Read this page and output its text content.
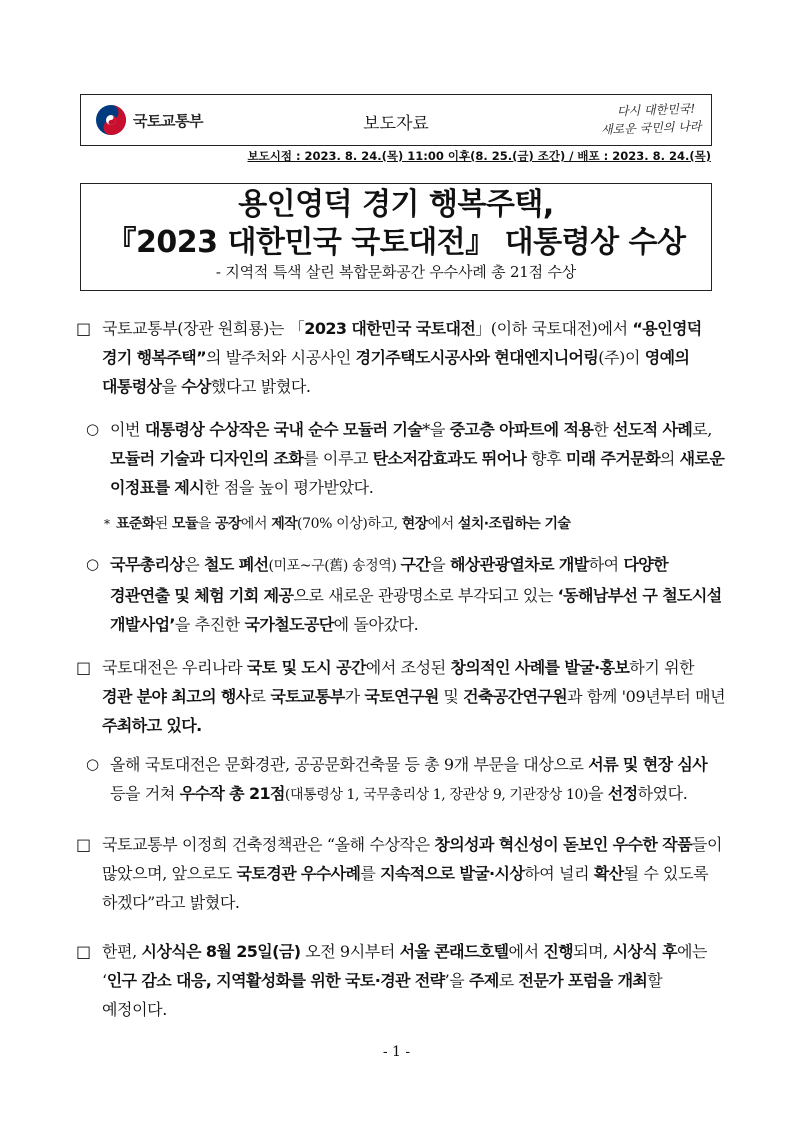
국토교통부	보도자료
다시 대한민국!
새로운 국민의 나라
보도시점 : 2023. 8. 24.(목) 11:00 이후(8. 25.(금) 조간) / 배포 : 2023. 8. 24.(목)
용인영덕 경기 행복주택,
『2023 대한민국 국토대전』 대통령상 수상
- 지역적 특색 살린 복합문화공간 우수사례 총 21점 수상
□ 국토교통부(장관 원희룡)는 「2023 대한민국 국토대전」(이하 국토대전)에서 “용인영덕 경기 행복주택”의 발주처와 시공사인 경기주택도시공사와 현대엔지니어링(주)이 영예의 대통령상을 수상했다고 밝혔다.
○ 이번 대통령상 수상작은 국내 순수 모듈러 기술*을 중고층 아파트에 적용한 선도적 사례로, 모듈러 기술과 디자인의 조화를 이루고 탄소저감효과도 뛰어나 향후 미래 주거문화의 새로운 이정표를 제시한 점을 높이 평가받았다.
* 표준화된 모듈을 공장에서 제작(70% 이상)하고, 현장에서 설치·조립하는 기술
○ 국무총리상은 철도 폐선(미포~구(舊) 송정역) 구간을 해상관광열차로 개발하여 다양한 경관연출 및 체험 기회 제공으로 새로운 관광명소로 부각되고 있는 ‘동해남부선 구 철도시설 개발사업’을 추진한 국가철도공단에 돌아갔다.
□ 국토대전은 우리나라 국토 및 도시 공간에서 조성된 창의적인 사례를 발굴·홍보하기 위한 경관 분야 최고의 행사로 국토교통부가 국토연구원 및 건축공간연구원과 함께 '09년부터 매년 주최하고 있다.
○ 올해 국토대전은 문화경관, 공공문화건축물 등 총 9개 부문을 대상으로 서류 및 현장 심사 등을 거쳐 우수작 총 21점(대통령상 1, 국무총리상 1, 장관상 9, 기관장상 10)을 선정하였다.
□ 국토교통부 이정희 건축정책관은 “올해 수상작은 창의성과 혁신성이 돋보인 우수한 작품들이 많았으며, 앞으로도 국토경관 우수사례를 지속적으로 발굴·시상하여 널리 확산될 수 있도록 하겠다”라고 밝혔다.
□ 한편, 시상식은 8월 25일(금) 오전 9시부터 서울 콘래드호텔에서 진행되며, 시상식 후에는 ‘인구 감소 대응, 지역활성화를 위한 국토·경관 전략’을 주제로 전문가 포럼을 개최할 예정이다.
- 1 -
